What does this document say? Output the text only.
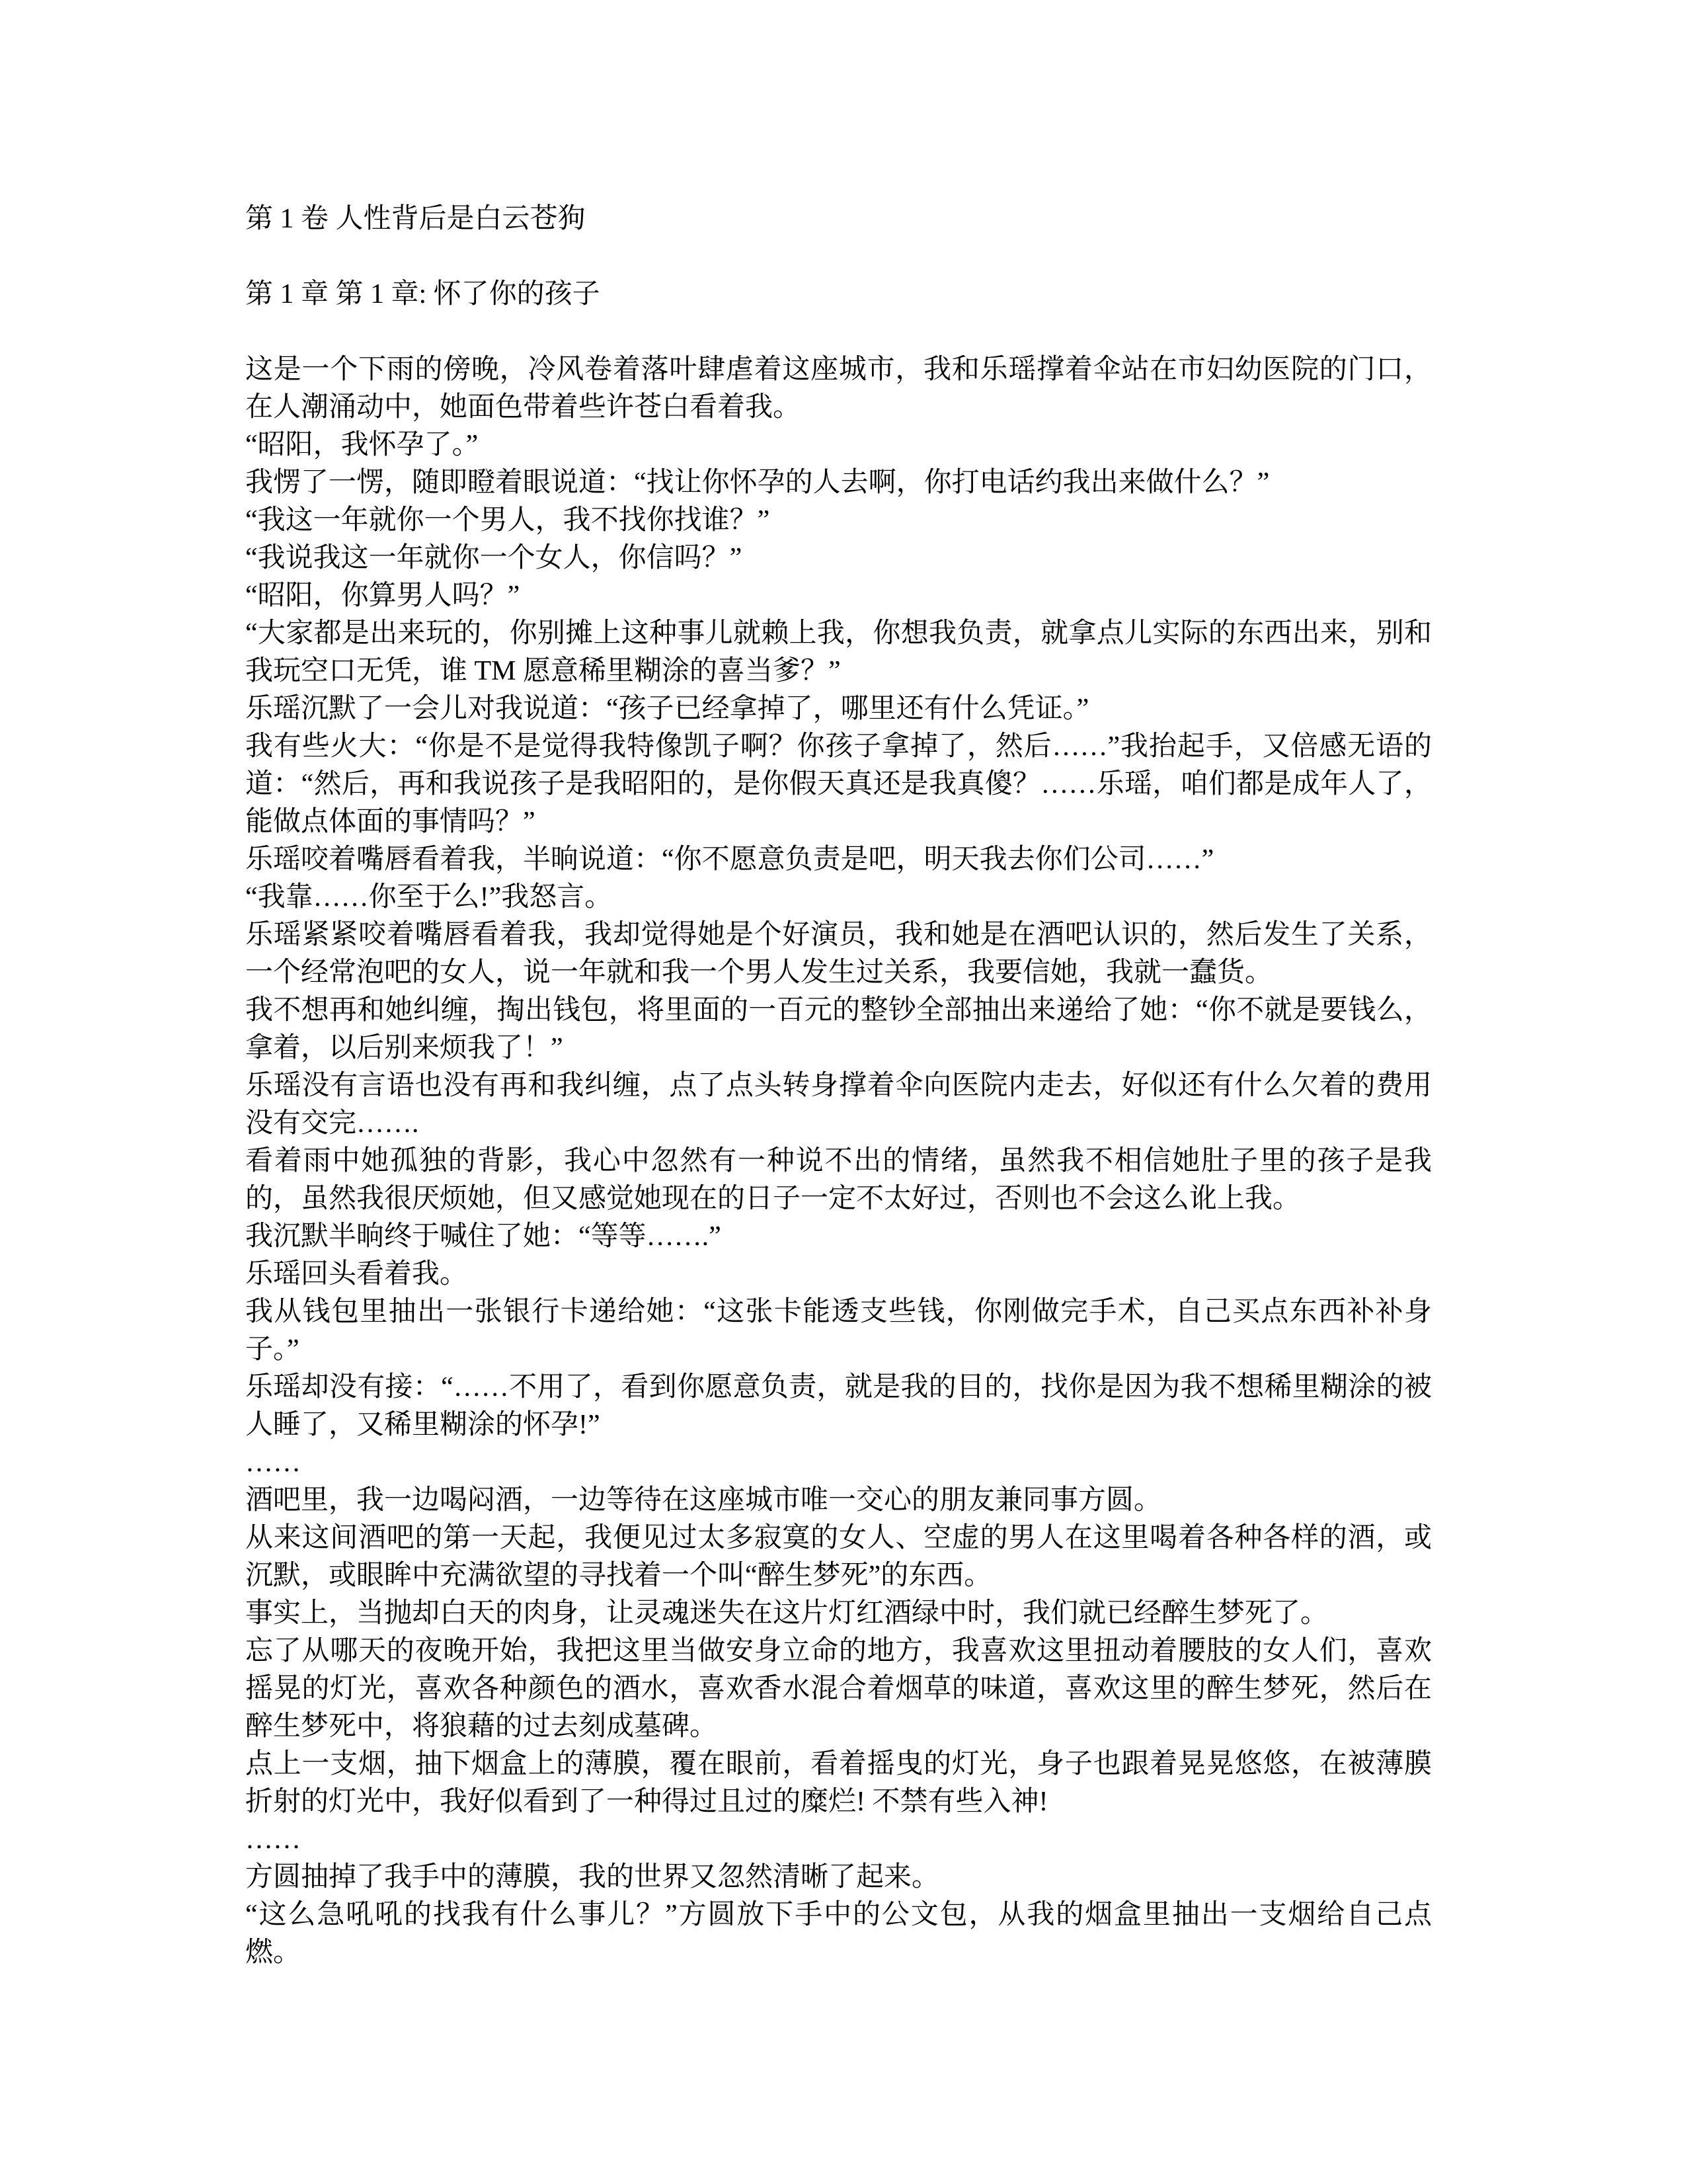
第 1 卷 人性背后是白云苍狗

第 1 章 第 1 章: 怀了你的孩子

这是一个下雨的傍晚，冷风卷着落叶肆虐着这座城市，我和乐瑶撑着伞站在市妇幼医院的门口，在人潮涌动中，她面色带着些许苍白看着我。

“昭阳，我怀孕了。”

我愣了一愣，随即瞪着眼说道：“找让你怀孕的人去啊，你打电话约我出来做什么？”

“我这一年就你一个男人，我不找你找谁？”

“我说我这一年就你一个女人，你信吗？”

“昭阳，你算男人吗？”

“大家都是出来玩的，你别摊上这种事儿就赖上我，你想我负责，就拿点儿实际的东西出来，别和我玩空口无凭，谁 TM 愿意稀里糊涂的喜当爹？”

乐瑶沉默了一会儿对我说道：“孩子已经拿掉了，哪里还有什么凭证。”

我有些火大：“你是不是觉得我特像凯子啊？你孩子拿掉了，然后……”我抬起手，又倍感无语的道：“然后，再和我说孩子是我昭阳的，是你假天真还是我真傻？……乐瑶，咱们都是成年人了，能做点体面的事情吗？”

乐瑶咬着嘴唇看着我，半晌说道：“你不愿意负责是吧，明天我去你们公司……”

“我靠……你至于么!”我怒言。

乐瑶紧紧咬着嘴唇看着我，我却觉得她是个好演员，我和她是在酒吧认识的，然后发生了关系，一个经常泡吧的女人，说一年就和我一个男人发生过关系，我要信她，我就一蠢货。

我不想再和她纠缠，掏出钱包，将里面的一百元的整钞全部抽出来递给了她：“你不就是要钱么，拿着，以后别来烦我了！”

乐瑶没有言语也没有再和我纠缠，点了点头转身撑着伞向医院内走去，好似还有什么欠着的费用没有交完…….

看着雨中她孤独的背影，我心中忽然有一种说不出的情绪，虽然我不相信她肚子里的孩子是我的，虽然我很厌烦她，但又感觉她现在的日子一定不太好过，否则也不会这么讹上我。

我沉默半晌终于喊住了她：“等等…….”

乐瑶回头看着我。

我从钱包里抽出一张银行卡递给她：“这张卡能透支些钱，你刚做完手术，自己买点东西补补身子。”

乐瑶却没有接：“……不用了，看到你愿意负责，就是我的目的，找你是因为我不想稀里糊涂的被人睡了，又稀里糊涂的怀孕!”

……

酒吧里，我一边喝闷酒，一边等待在这座城市唯一交心的朋友兼同事方圆。

从来这间酒吧的第一天起，我便见过太多寂寞的女人、空虚的男人在这里喝着各种各样的酒，或沉默，或眼眸中充满欲望的寻找着一个叫“醉生梦死”的东西。

事实上，当抛却白天的肉身，让灵魂迷失在这片灯红酒绿中时，我们就已经醉生梦死了。

忘了从哪天的夜晚开始，我把这里当做安身立命的地方，我喜欢这里扭动着腰肢的女人们，喜欢摇晃的灯光，喜欢各种颜色的酒水，喜欢香水混合着烟草的味道，喜欢这里的醉生梦死，然后在醉生梦死中，将狼藉的过去刻成墓碑。

点上一支烟，抽下烟盒上的薄膜，覆在眼前，看着摇曳的灯光，身子也跟着晃晃悠悠，在被薄膜折射的灯光中，我好似看到了一种得过且过的糜烂! 不禁有些入神!

……

方圆抽掉了我手中的薄膜，我的世界又忽然清晰了起来。

“这么急吼吼的找我有什么事儿？”方圆放下手中的公文包，从我的烟盒里抽出一支烟给自己点燃。
